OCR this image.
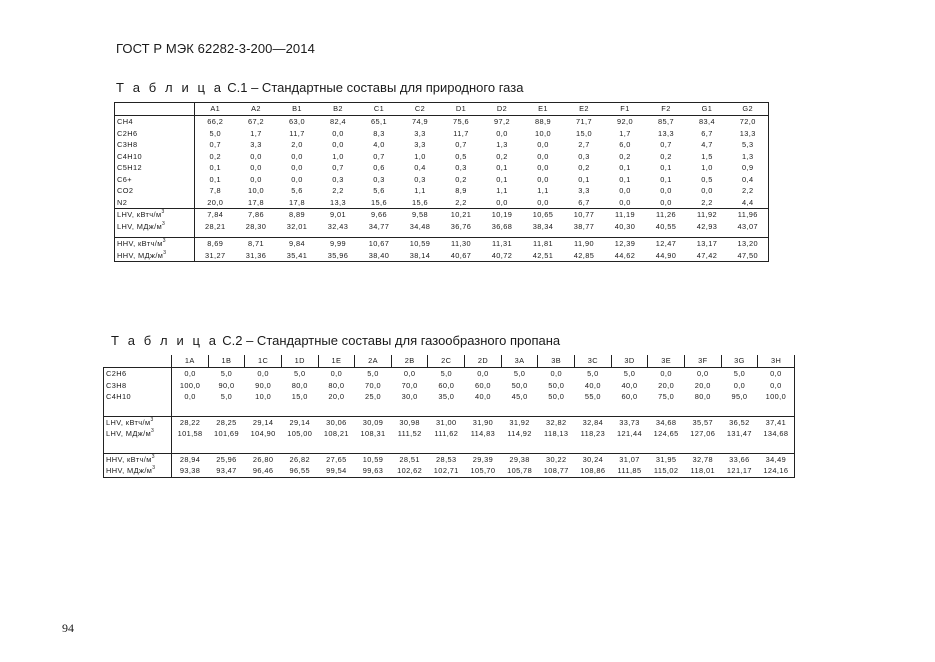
ГОСТ Р МЭК 62282-3-200—2014
Т а б л и ц а С.1 – Стандартные составы для природного газа
	A1	A2	B1	B2	C1	C2	D1	D2	E1	E2	F1	F2	G1	G2
CH4	66,2	67,2	63,0	82,4	65,1	74,9	75,6	97,2	88,9	71,7	92,0	85,7	83,4	72,0
C2H6	5,0	1,7	11,7	0,0	8,3	3,3	11,7	0,0	10,0	15,0	1,7	13,3	6,7	13,3
C3H8	0,7	3,3	2,0	0,0	4,0	3,3	0,7	1,3	0,0	2,7	6,0	0,7	4,7	5,3
C4H10	0,2	0,0	0,0	1,0	0,7	1,0	0,5	0,2	0,0	0,3	0,2	0,2	1,5	1,3
C5H12	0,1	0,0	0,0	0,7	0,6	0,4	0,3	0,1	0,0	0,2	0,1	0,1	1,0	0,9
C6+	0,1	0,0	0,0	0,3	0,3	0,3	0,2	0,1	0,0	0,1	0,1	0,1	0,5	0,4
CO2	7,8	10,0	5,6	2,2	5,6	1,1	8,9	1,1	1,1	3,3	0,0	0,0	0,0	2,2
N2	20,0	17,8	17,8	13,3	15,6	15,6	2,2	0,0	0,0	6,7	0,0	0,0	2,2	4,4
LHV, кВтч/$м^3$	7,84	7,86	8,89	9,01	9,66	9,58	10,21	10,19	10,65	10,77	11,19	11,26	11,92	11,96
LHV, МДж/$м^3$	28,21	28,30	32,01	32,43	34,77	34,48	36,76	36,68	38,34	38,77	40,30	40,55	42,93	43,07

HHV, кВтч/$м^3$	8,69	8,71	9,84	9,99	10,67	10,59	11,30	11,31	11,81	11,90	12,39	12,47	13,17	13,20
HHV, МДж/$м^3$	31,27	31,36	35,41	35,96	38,40	38,14	40,67	40,72	42,51	42,85	44,62	44,90	47,42	47,50
Т а б л и ц а С.2 – Стандартные составы для газообразного пропана
	1A	1B	1C	1D	1E	2A	2B	2C	2D	3A	3B	3C	3D	3E	3F	3G	3H
C2H6	0,0	5,0	0,0	5,0	0,0	5,0	0,0	5,0	0,0	5,0	0,0	5,0	5,0	0,0	0,0	5,0	0,0
C3H8	100,0	90,0	90,0	80,0	80,0	70,0	70,0	60,0	60,0	50,0	50,0	40,0	40,0	20,0	20,0	0,0	0,0
C4H10	0,0	5,0	10,0	15,0	20,0	25,0	30,0	35,0	40,0	45,0	50,0	55,0	60,0	75,0	80,0	95,0	100,0

LHV, кВтч/$м^3$	28,22	28,25	29,14	29,14	30,06	30,09	30,98	31,00	31,90	31,92	32,82	32,84	33,73	34,68	35,57	36,52	37,41
LHV, МДж/$м^3$	101,58	101,69	104,90	105,00	108,21	108,31	111,52	111,62	114,83	114,92	118,13	118,23	121,44	124,65	127,06	131,47	134,68

HHV, кВтч/$м^3$	28,94	25,96	26,80	26,82	27,65	10,59	28,51	28,53	29,39	29,38	30,22	30,24	31,07	31,95	32,78	33,66	34,49
HHV, МДж/$м^3$	93,38	93,47	96,46	96,55	99,54	99,63	102,62	102,71	105,70	105,78	108,77	108,86	111,85	115,02	118,01	121,17	124,16
94
